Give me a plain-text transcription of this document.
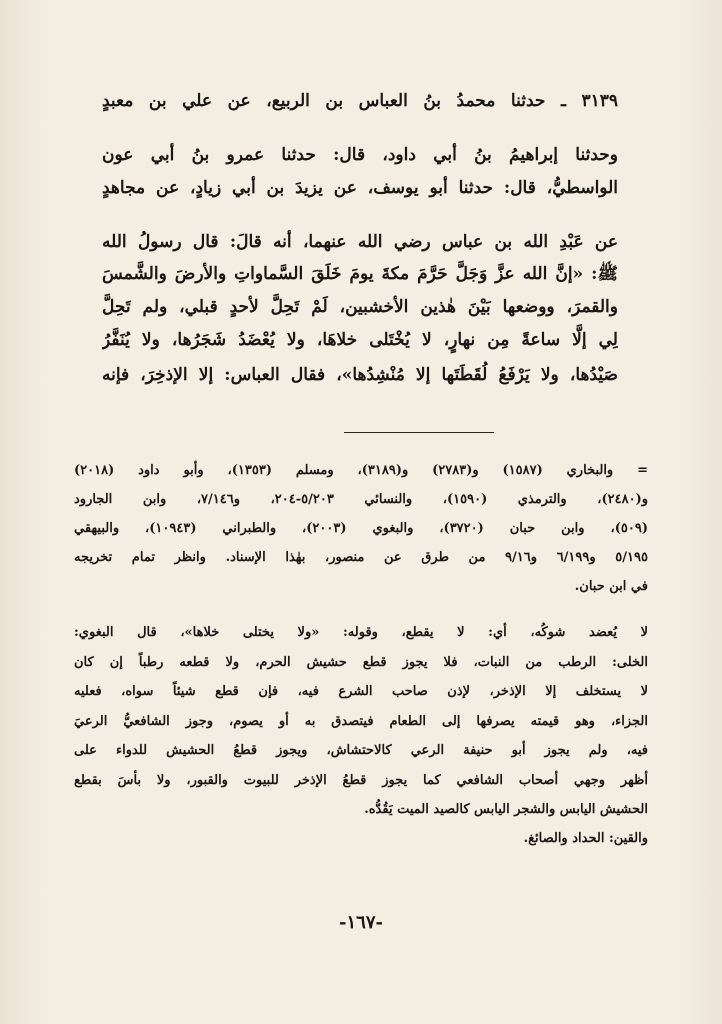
٣١٣٩ ـ حدثنا محمدُ بنُ العباس بن الربيع، عن علي بن معبدٍ
وحدثنا إبراهيمُ بنُ أبي داود، قال: حدثنا عمرو بنُ أبي عون
الواسطيُّ، قال: حدثنا أبو يوسف، عن يزيدَ بن أبي زيادٍ، عن مجاهدٍ
عن عَبْدِ الله بن عباس رضي الله عنهما، أنه قالَ: قال رسولُ الله
ﷺ: «إنَّ الله عزَّ وَجَلَّ حَرَّمَ مكةَ يومَ خَلَقَ السَّماواتِ والأرضَ والشَّمسَ
والقمرَ، ووضعها بَيْنَ هٰذين الأخشبين، لَمْ تَحِلَّ لأحدٍ قبلي، ولم تَحِلَّ
لِي إلَّا ساعةً مِن نهارٍ، لا يُخْتَلى خلاهَا، ولا يُعْضَدُ شَجَرُها، ولا يُنَفَّرُ
صَيْدُها، ولا يَرْفَعُ لُقَطَتَها إلا مُنْشِدُها»، فقال العباس: إلا الإذخِرَ، فإنه
= والبخاري (١٥٨٧) و(٢٧٨٣) و(٣١٨٩)، ومسلم (١٣٥٣)، وأبو داود (٢٠١٨)
و(٢٤٨٠)، والترمذي (١٥٩٠)، والنسائي ٥/٢٠٣-٢٠٤، و٧/١٤٦، وابن الجارود
(٥٠٩)، وابن حبان (٣٧٢٠)، والبغوي (٢٠٠٣)، والطبراني (١٠٩٤٣)، والبيهقي
٥/١٩٥ و٦/١٩٩ و٩/١٦ من طرق عن منصور، بهٰذا الإسناد. وانظر تمام تخريجه
في ابن حبان.
لا يُعضد شوكُه، أي: لا يقطع، وقوله: «ولا يختلى خلاها»، قال البغوي:
الخلى: الرطب من النبات، فلا يجوز قطع حشيش الحرم، ولا قطعه رطباً إن كان
لا يستخلف إلا الإذخر، لإذن صاحب الشرع فيه، فإن قطع شيئاً سواه، فعليه
الجزاء، وهو قيمته يصرفها إلى الطعام فيتصدق به أو يصوم، وجوز الشافعيُّ الرعيَ
فيه، ولم يجوز أبو حنيفة الرعي كالاحتشاش، ويجوز قطعُ الحشيش للدواء على
أظهر وجهي أصحاب الشافعي كما يجوز قطعُ الإذخر للبيوت والقبور، ولا بأسَ بقطع
الحشيش اليابس والشجر اليابس كالصيد الميت يَقُدُّه.
والقين: الحداد والصائغ.
-١٦٧-
